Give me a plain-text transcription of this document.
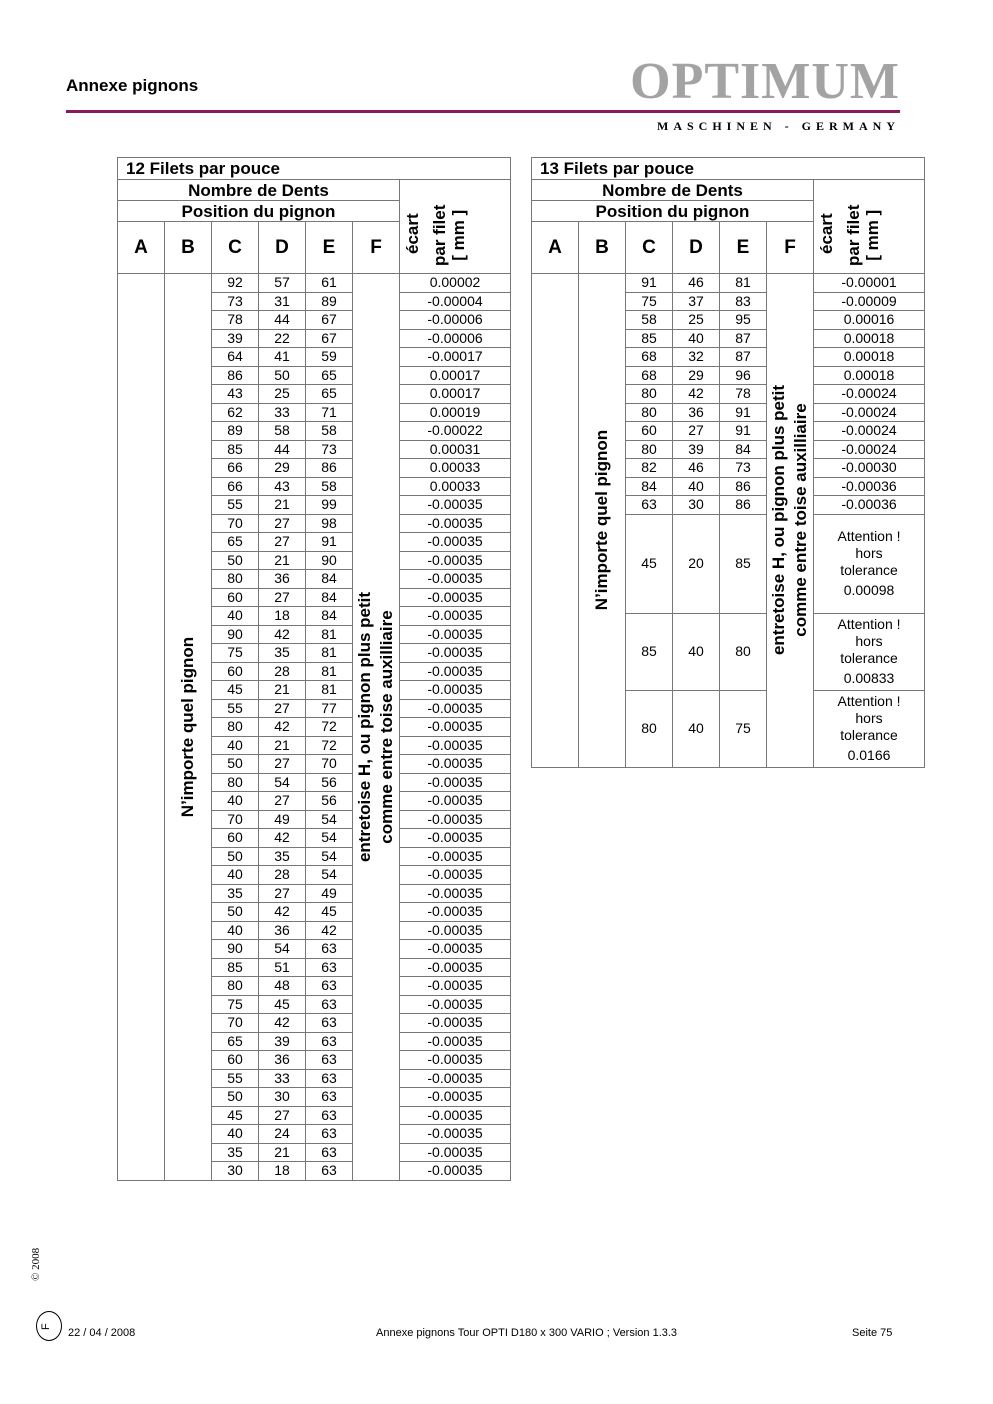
Annexe pignons	OPTIMUM
MASCHINEN - GERMANY
12 Filets par pouce						
Nombre de Dents						écart par filet
[ mm ]

Position du pignon						
A	B	C	D	E	F	

	N’importe quel pignon	92	57	61	entretoise H, ou pignon plus petit comme entre toise auxilliaire	0.00002
		73	31	89		-0.00004
		78	44	67		-0.00006
		39	22	67		-0.00006
		64	41	59		-0.00017
		86	50	65		0.00017
		43	25	65		0.00017
		62	33	71		0.00019
		89	58	58		-0.00022
		85	44	73		0.00031
		66	29	86		0.00033
		66	43	58		0.00033
		55	21	99		-0.00035
		70	27	98		-0.00035
		65	27	91		-0.00035
		50	21	90		-0.00035
		80	36	84		-0.00035
		60	27	84		-0.00035
		40	18	84		-0.00035
		90	42	81		-0.00035
		75	35	81		-0.00035
		60	28	81		-0.00035
		45	21	81		-0.00035
		55	27	77		-0.00035
		80	42	72		-0.00035
		40	21	72		-0.00035
		50	27	70		-0.00035
		80	54	56		-0.00035
		40	27	56		-0.00035
		70	49	54		-0.00035
		60	42	54		-0.00035
		50	35	54		-0.00035
		40	28	54		-0.00035
		35	27	49		-0.00035
		50	42	45		-0.00035
		40	36	42		-0.00035
		90	54	63		-0.00035
		85	51	63		-0.00035
		80	48	63		-0.00035
		75	45	63		-0.00035
		70	42	63		-0.00035
		65	39	63		-0.00035
		60	36	63		-0.00035
		55	33	63		-0.00035
		50	30	63		-0.00035
		45	27	63		-0.00035
		40	24	63		-0.00035
		35	21	63		-0.00035
		30	18	63		-0.00035
13 Filets par pouce						
Nombre de Dents						écart par filet
[ mm ]

Position du pignon						
A	B	C	D	E	F	

	N’importe quel pignon	91	46	81	entretoise H, ou pignon plus petit comme entre toise auxilliaire	-0.00001
		75	37	83		-0.00009
		58	25	95		0.00016
		85	40	87		0.00018
		68	32	87		0.00018
		68	29	96		0.00018
		80	42	78		-0.00024
		80	36	91		-0.00024
		60	27	91		-0.00024
		80	39	84		-0.00024
		82	46	73		-0.00030
		84	40	86		-0.00036
		63	30	86		-0.00036
		45	20	85		Attention !
hors
tolerance
0.00098

		85	40	80		Attention !
hors
tolerance
0.00833

		80	40	75		Attention !
hors
tolerance
0.0166
© 2008
F
22 / 04 / 2008	Annexe pignons Tour OPTI D180 x 300 VARIO ; Version 1.3.3	Seite 75
